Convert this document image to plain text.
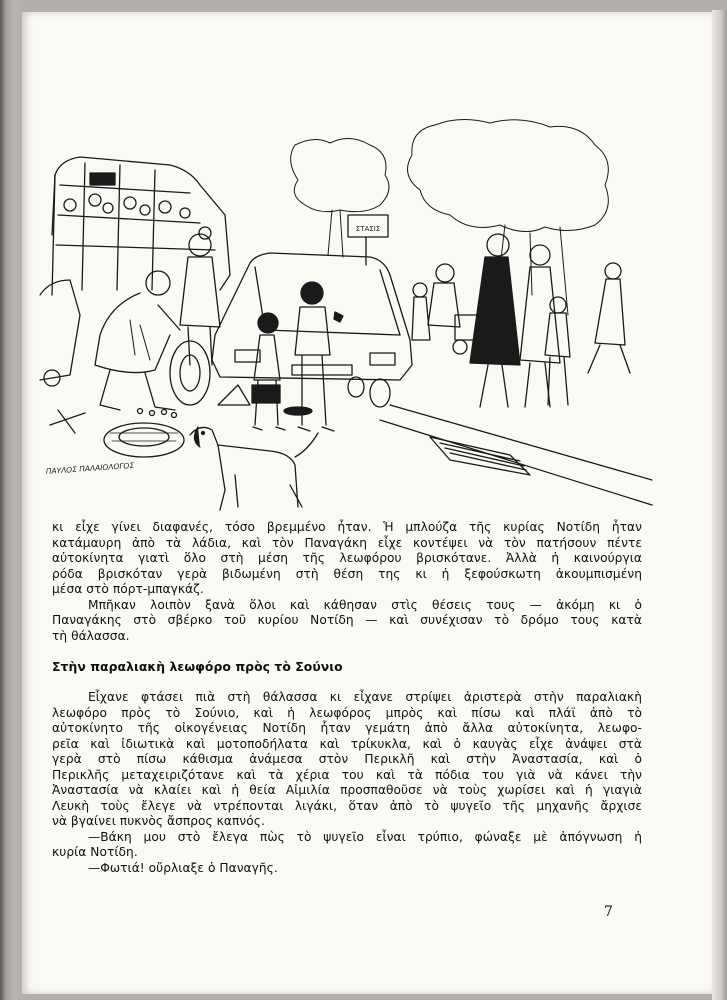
ΣΤΑΣΙΣ
ΠΑΥΛΟΣ ΠΑΛΑΙΟΛΟΓΟΣ

κι εἶχε γίνει διαφανές, τόσο βρεμμένο ἦταν. Ἡ μπλούζα τῆς κυρίας Νοτίδη ἦταν
κατάμαυρη ἀπὸ τὰ λάδια, καὶ τὸν Παναγάκη εἶχε κοντέψει νὰ τὸν πατήσουν πέντε
αὐτοκίνητα γιατὶ ὅλο στὴ μέση τῆς λεωφόρου βρισκότανε. Ἀλλὰ ἡ καινούργια
ρόδα βρισκόταν γερὰ βιδωμένη στὴ θέση της κι ἡ ξεφούσκωτη ἀκουμπισμένη
μέσα στὸ πόρτ-μπαγκάζ.

Μπῆκαν λοιπὸν ξανὰ ὅλοι καὶ κάθησαν στὶς θέσεις τους — ἀκόμη κι ὁ
Παναγάκης στὸ σβέρκο τοῦ κυρίου Νοτίδη — καὶ συνέχισαν τὸ δρόμο τους κατὰ
τὴ θάλασσα.

Στὴν παραλιακὴ λεωφόρο πρὸς τὸ Σούνιο

Εἶχανε φτάσει πιὰ στὴ θάλασσα κι εἶχανε στρίψει ἀριστερὰ στὴν παραλιακὴ
λεωφόρο πρὸς τὸ Σούνιο, καὶ ἡ λεωφόρος μπρὸς καὶ πίσω καὶ πλάϊ ἀπὸ τὸ
αὐτοκίνητο τῆς οἰκογένειας Νοτίδη ἦταν γεμάτη ἀπὸ ἄλλα αὐτοκίνητα, λεωφο-
ρεῖα καὶ ἰδιωτικὰ καὶ μοτοποδήλατα καὶ τρίκυκλα, καὶ ὁ καυγὰς εἶχε ἀνάψει στὰ
γερὰ στὸ πίσω κάθισμα ἀνάμεσα στὸν Περικλῆ καὶ στὴν Ἀναστασία, καὶ ὁ
Περικλῆς μεταχειριζότανε καὶ τὰ χέρια του καὶ τὰ πόδια του γιὰ νὰ κάνει τὴν
Ἀναστασία νὰ κλαίει καὶ ἡ θεία Αἰμιλία προσπαθοῦσε νὰ τοὺς χωρίσει καὶ ἡ γιαγιὰ
Λευκὴ τοὺς ἔλεγε νὰ ντρέπονται λιγάκι, ὅταν ἀπὸ τὸ ψυγεῖο τῆς μηχανῆς ἄρχισε
νὰ βγαίνει πυκνὸς ἄσπρος καπνός.

—Βάκη μου στὸ ἔλεγα πὼς τὸ ψυγεῖο εἶναι τρύπιο, φώναξε μὲ ἀπόγνωση ἡ
κυρία Νοτίδη.

—Φωτιά! οὔρλιαξε ὁ Παναγῆς.

7
